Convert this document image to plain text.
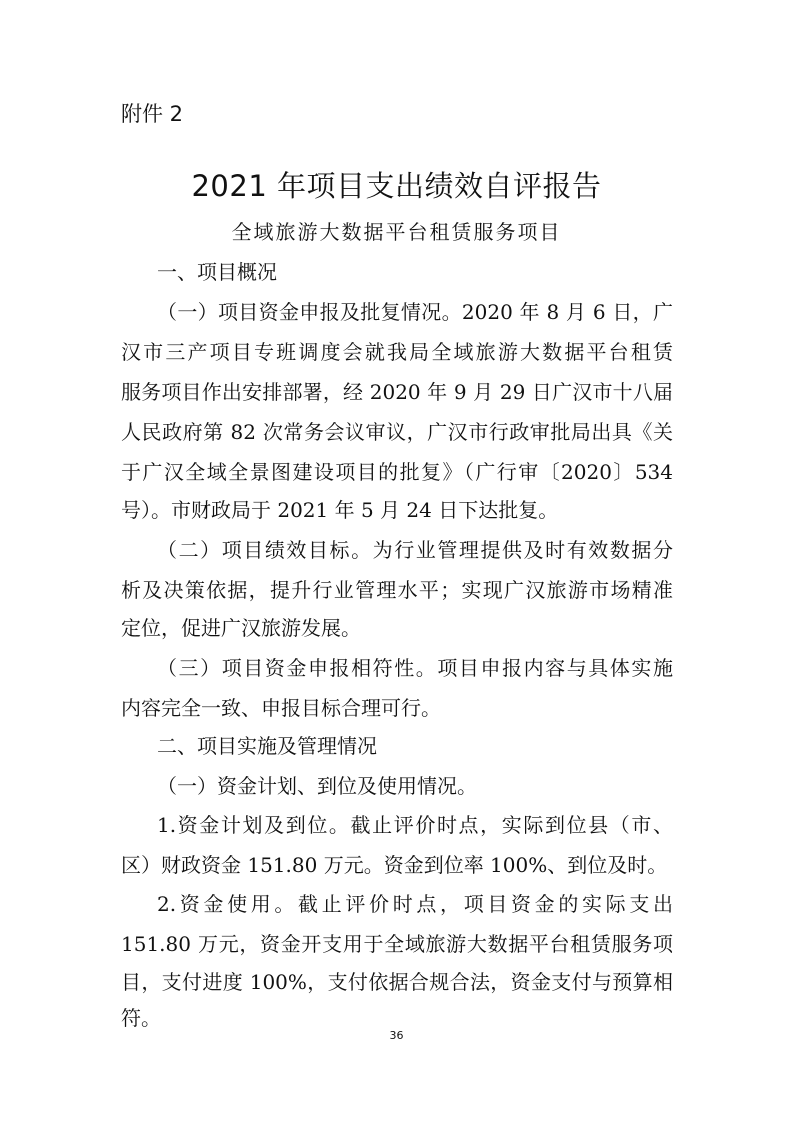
附件 2
2021 年项目支出绩效自评报告
全域旅游大数据平台租赁服务项目
一、项目概况
（一）项目资金申报及批复情况。2020 年 8 月 6 日，广
汉市三产项目专班调度会就我局全域旅游大数据平台租赁
服务项目作出安排部署，经 2020 年 9 月 29 日广汉市十八届
人民政府第 82 次常务会议审议，广汉市行政审批局出具《关
于广汉全域全景图建设项目的批复》（广行审〔2020〕534
号）。市财政局于 2021 年 5 月 24 日下达批复。
（二）项目绩效目标。为行业管理提供及时有效数据分
析及决策依据，提升行业管理水平；实现广汉旅游市场精准
定位，促进广汉旅游发展。
（三）项目资金申报相符性。项目申报内容与具体实施
内容完全一致、申报目标合理可行。
二、项目实施及管理情况
（一）资金计划、到位及使用情况。
1.资金计划及到位。截止评价时点，实际到位县（市、
区）财政资金 151.80 万元。资金到位率 100%、到位及时。
2.资金使用。截止评价时点，项目资金的实际支出
151.80 万元，资金开支用于全域旅游大数据平台租赁服务项
目，支付进度 100%，支付依据合规合法，资金支付与预算相
符。
36
